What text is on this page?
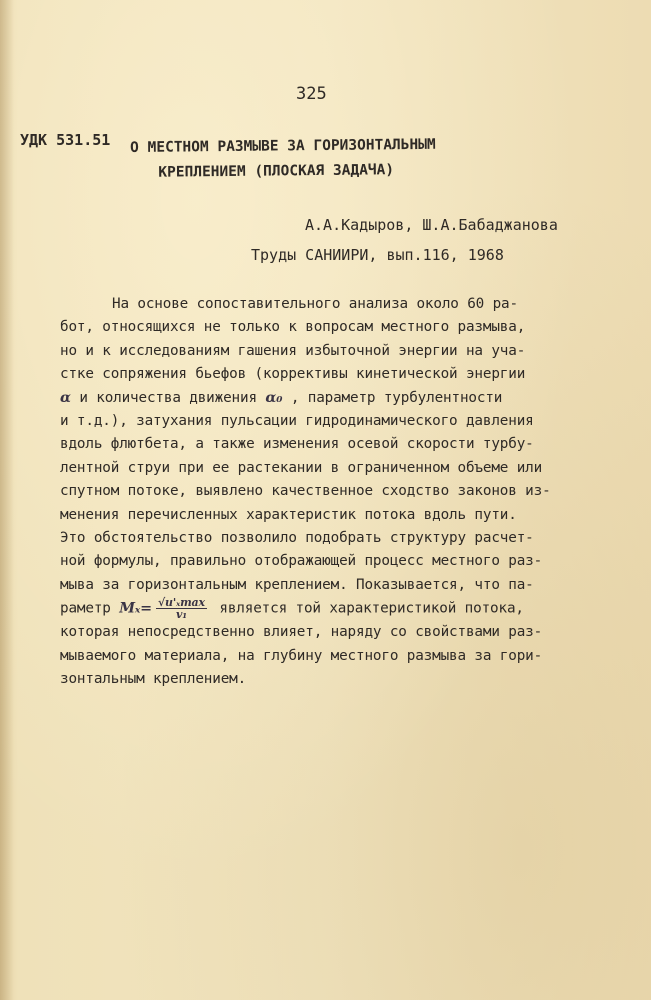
325
УДК 531.51 О МЕСТНОМ РАЗМЫВЕ ЗА ГОРИЗОНТАЛЬНЫМ
КРЕПЛЕНИЕМ (ПЛОСКАЯ ЗАДАЧА)
А.А.Кадыров, Ш.А.Бабаджанова
Труды САНИИРИ, вып.116, 1968
На основе сопоставительного анализа около 60 ра-
бот, относящихся не только к вопросам местного размыва,
но и к исследованиям гашения избыточной энергии на уча-
стке сопряжения бьефов (коррективы кинетической энергии
α и количества движения α₀ , параметр турбулентности
и т.д.), затухания пульсации гидродинамического давления
вдоль флютбета, а также изменения осевой скорости турбу-
лентной струи при ее растекании в ограниченном объеме или
спутном потоке, выявлено качественное сходство законов из-
менения перечисленных характеристик потока вдоль пути.
Это обстоятельство позволило подобрать структуру расчет-
ной формулы, правильно отображающей процесс местного раз-
мыва за горизонтальным креплением. Показывается, что па-
раметр $M_x= \frac{\text{√u'ₓmax}}{\text{v₁}}$ является той характеристикой потока,
которая непосредственно влияет, наряду со свойствами раз-
мываемого материала, на глубину местного размыва за гори-
зонтальным креплением.
